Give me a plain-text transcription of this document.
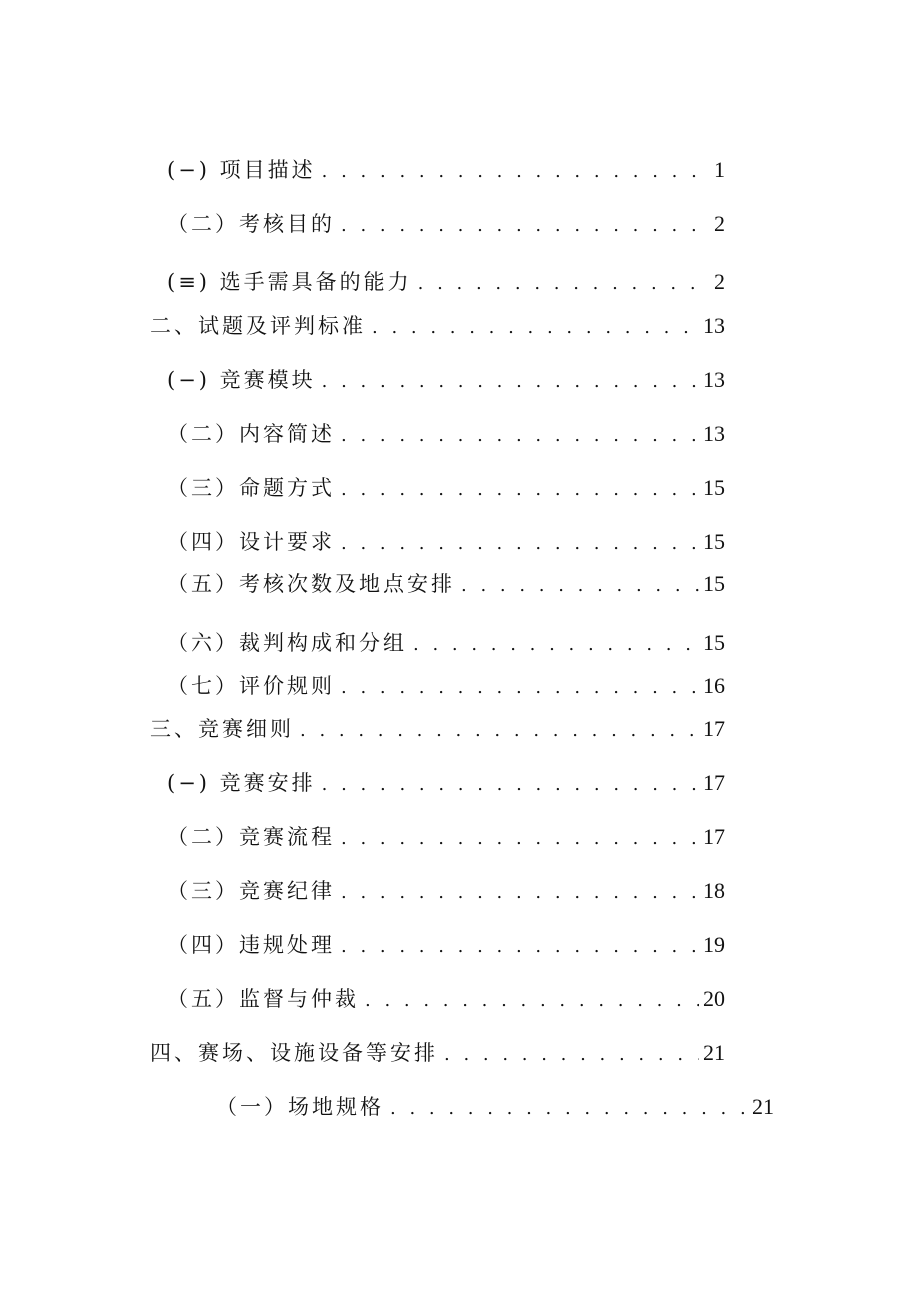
(−) 项目描述 . . .	1
（二）考核目的 . . .	2
(≡) 选手需具备的能力 . . .	2
二、试题及评判标准 . . .	13
(−) 竞赛模块 . . .	13
（二）内容简述 . . .	13
（三）命题方式 . . .	15
（四）设计要求 . . .	15
（五）考核次数及地点安排 . . .	15
（六）裁判构成和分组 . . .	15
（七）评价规则 . . .	16
三、竞赛细则 . . .	17
(−) 竞赛安排 . . .	17
（二）竞赛流程 . . .	17
（三）竞赛纪律 . . .	18
（四）违规处理 . . .	19
（五）监督与仲裁 . . .	20
四、赛场、设施设备等安排 . . .	21
（一）场地规格 . . .	21
